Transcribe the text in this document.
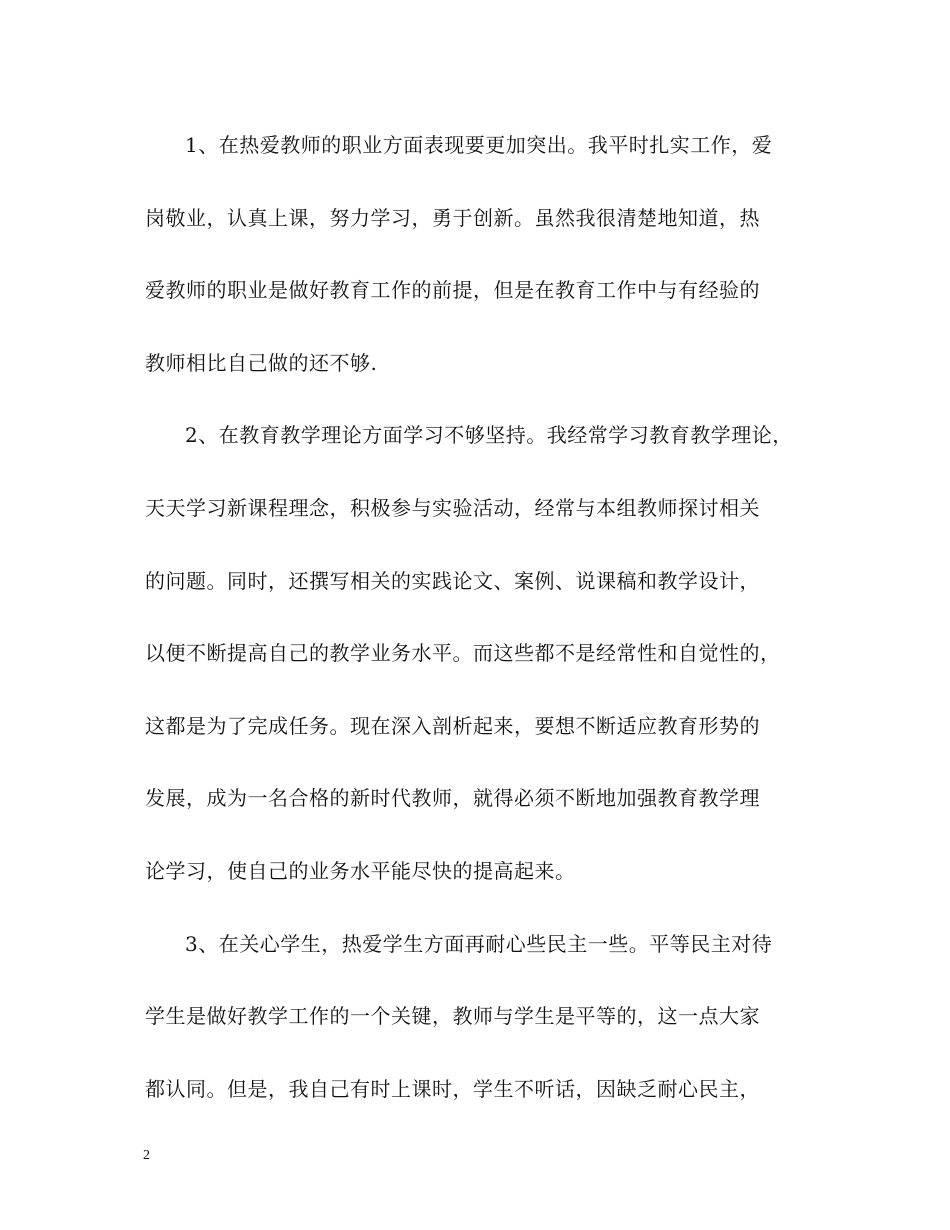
1、在热爱教师的职业方面表现要更加突出。我平时扎实工作，爱
岗敬业，认真上课，努力学习，勇于创新。虽然我很清楚地知道，热
爱教师的职业是做好教育工作的前提，但是在教育工作中与有经验的
教师相比自己做的还不够.
2、在教育教学理论方面学习不够坚持。我经常学习教育教学理论，
天天学习新课程理念，积极参与实验活动，经常与本组教师探讨相关
的问题。同时，还撰写相关的实践论文、案例、说课稿和教学设计，
以便不断提高自己的教学业务水平。而这些都不是经常性和自觉性的，
这都是为了完成任务。现在深入剖析起来，要想不断适应教育形势的
发展，成为一名合格的新时代教师，就得必须不断地加强教育教学理
论学习，使自己的业务水平能尽快的提高起来。
3、在关心学生，热爱学生方面再耐心些民主一些。平等民主对待
学生是做好教学工作的一个关键，教师与学生是平等的，这一点大家
都认同。但是，我自己有时上课时，学生不听话，因缺乏耐心民主，
2
